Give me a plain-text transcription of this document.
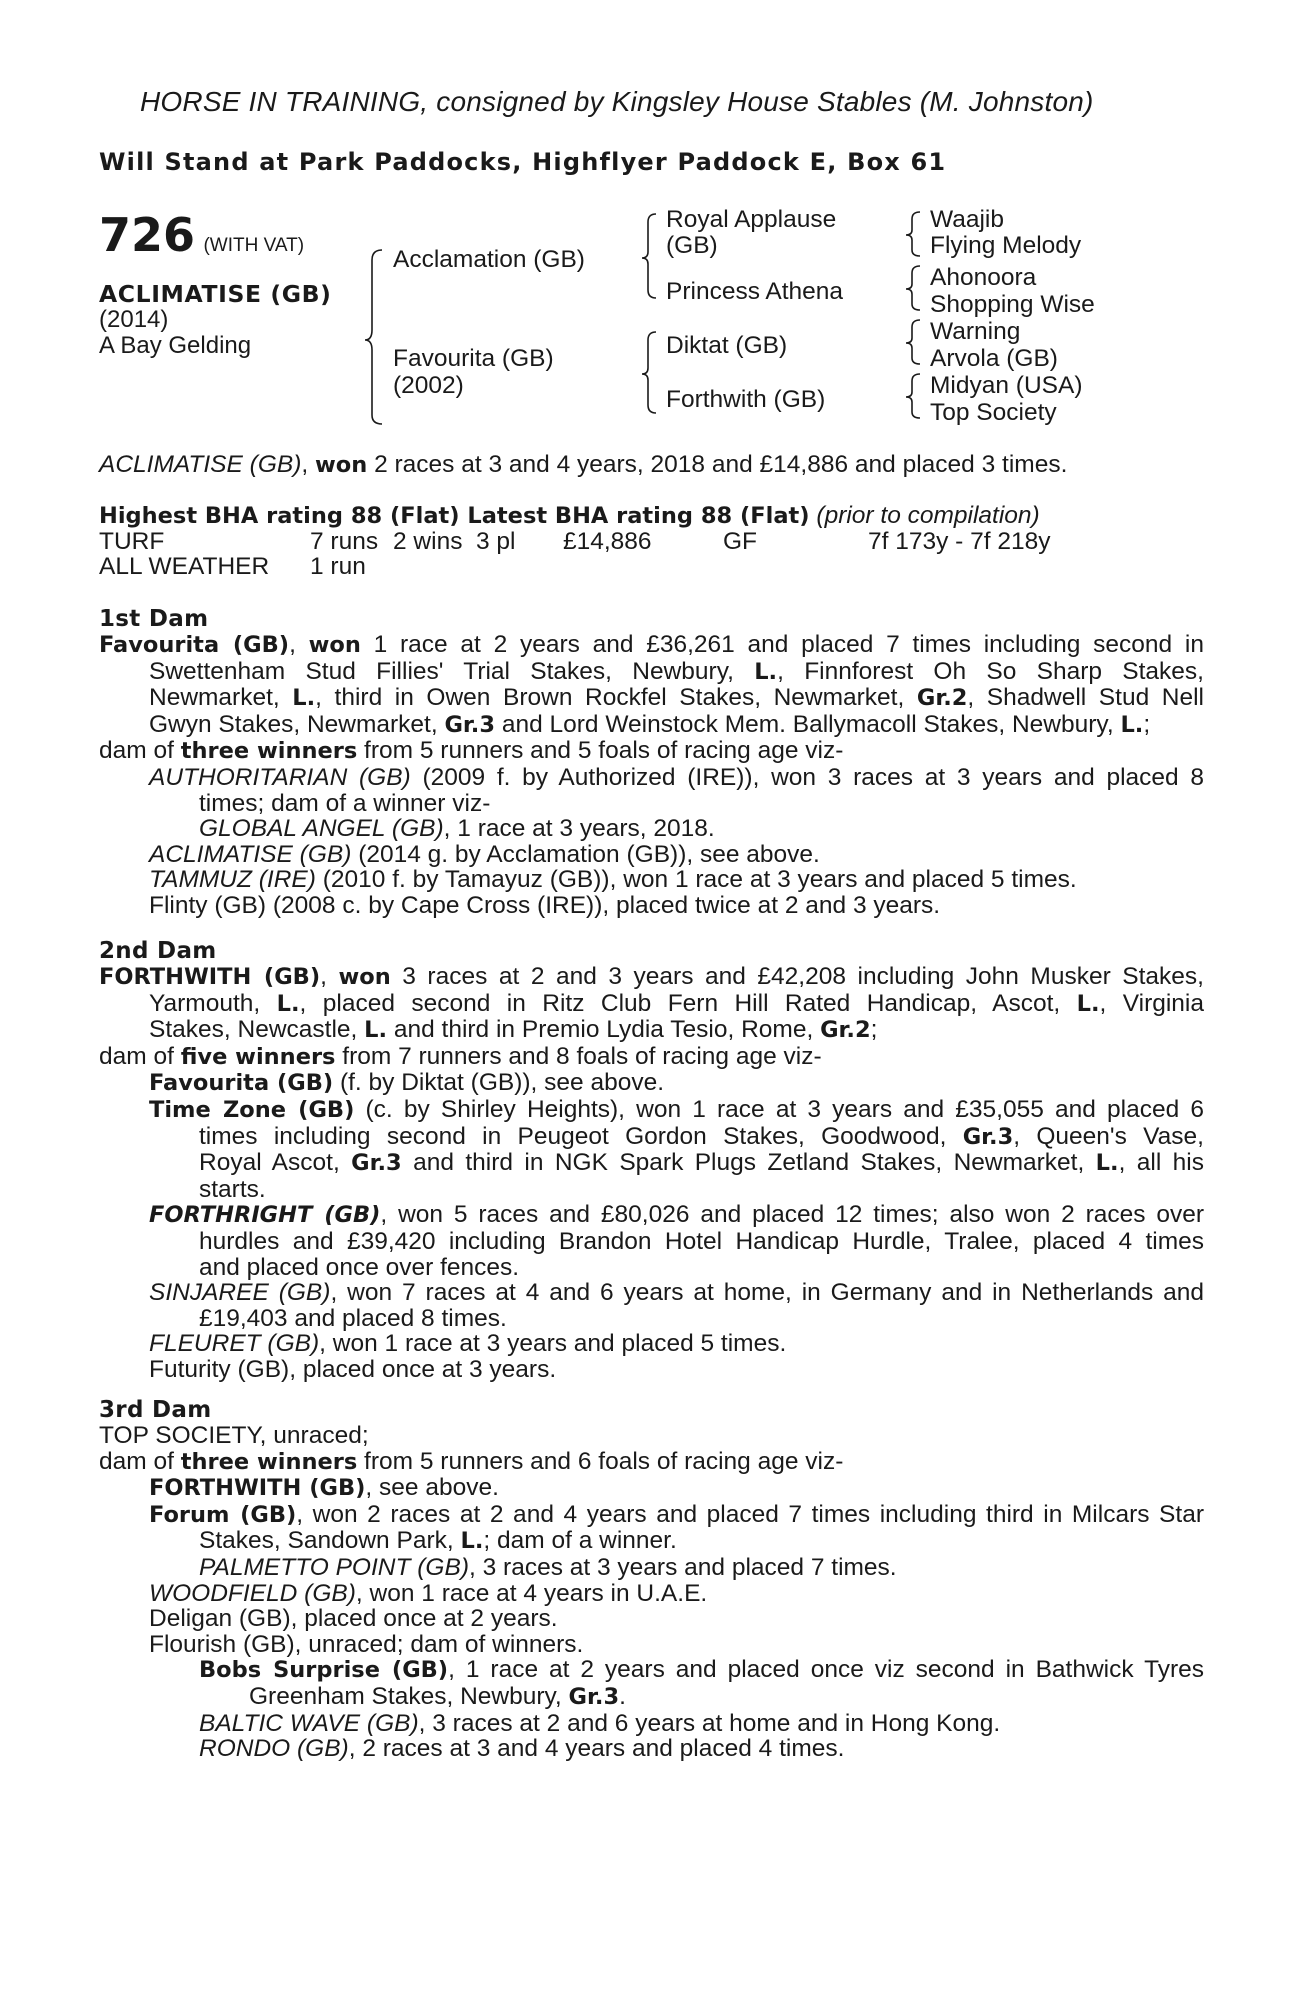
HORSE IN TRAINING, consigned by Kingsley House Stables (M. Johnston)
Will Stand at Park Paddocks, Highflyer Paddock E, Box 61
726 (WITH VAT)
ACLIMATISE (GB)
(2014)
A Bay Gelding
Acclamation (GB)
Favourita (GB)
(2002)
Royal Applause
(GB)
Princess Athena
Diktat (GB)
Forthwith (GB)
Waajib
Flying Melody
Ahonoora
Shopping Wise
Warning
Arvola (GB)
Midyan (USA)
Top Society
ACLIMATISE (GB), won 2 races at 3 and 4 years, 2018 and £14,886 and placed 3 times.
Highest BHA rating 88 (Flat) Latest BHA rating 88 (Flat) (prior to compilation)
TURF	7 runs 2 wins 3 pl £14,886	GF	7f 173y - 7f 218y
ALL WEATHER 1 run
1st Dam
Favourita (GB), won 1 race at 2 years and £36,261 and placed 7 times including second in
Swettenham Stud Fillies' Trial Stakes, Newbury, L., Finnforest Oh So Sharp Stakes,
Newmarket, L., third in Owen Brown Rockfel Stakes, Newmarket, Gr.2, Shadwell Stud Nell
Gwyn Stakes, Newmarket, Gr.3 and Lord Weinstock Mem. Ballymacoll Stakes, Newbury, L.;
dam of three winners from 5 runners and 5 foals of racing age viz-
AUTHORITARIAN (GB) (2009 f. by Authorized (IRE)), won 3 races at 3 years and placed 8
times; dam of a winner viz-
GLOBAL ANGEL (GB), 1 race at 3 years, 2018.
ACLIMATISE (GB) (2014 g. by Acclamation (GB)), see above.
TAMMUZ (IRE) (2010 f. by Tamayuz (GB)), won 1 race at 3 years and placed 5 times.
Flinty (GB) (2008 c. by Cape Cross (IRE)), placed twice at 2 and 3 years.
2nd Dam
FORTHWITH (GB), won 3 races at 2 and 3 years and £42,208 including John Musker Stakes,
Yarmouth, L., placed second in Ritz Club Fern Hill Rated Handicap, Ascot, L., Virginia
Stakes, Newcastle, L. and third in Premio Lydia Tesio, Rome, Gr.2;
dam of five winners from 7 runners and 8 foals of racing age viz-
Favourita (GB) (f. by Diktat (GB)), see above.
Time Zone (GB) (c. by Shirley Heights), won 1 race at 3 years and £35,055 and placed 6
times including second in Peugeot Gordon Stakes, Goodwood, Gr.3, Queen's Vase,
Royal Ascot, Gr.3 and third in NGK Spark Plugs Zetland Stakes, Newmarket, L., all his
starts.
FORTHRIGHT (GB), won 5 races and £80,026 and placed 12 times; also won 2 races over
hurdles and £39,420 including Brandon Hotel Handicap Hurdle, Tralee, placed 4 times
and placed once over fences.
SINJAREE (GB), won 7 races at 4 and 6 years at home, in Germany and in Netherlands and
£19,403 and placed 8 times.
FLEURET (GB), won 1 race at 3 years and placed 5 times.
Futurity (GB), placed once at 3 years.
3rd Dam
TOP SOCIETY, unraced;
dam of three winners from 5 runners and 6 foals of racing age viz-
FORTHWITH (GB), see above.
Forum (GB), won 2 races at 2 and 4 years and placed 7 times including third in Milcars Star
Stakes, Sandown Park, L.; dam of a winner.
PALMETTO POINT (GB), 3 races at 3 years and placed 7 times.
WOODFIELD (GB), won 1 race at 4 years in U.A.E.
Deligan (GB), placed once at 2 years.
Flourish (GB), unraced; dam of winners.
Bobs Surprise (GB), 1 race at 2 years and placed once viz second in Bathwick Tyres
Greenham Stakes, Newbury, Gr.3.
BALTIC WAVE (GB), 3 races at 2 and 6 years at home and in Hong Kong.
RONDO (GB), 2 races at 3 and 4 years and placed 4 times.
